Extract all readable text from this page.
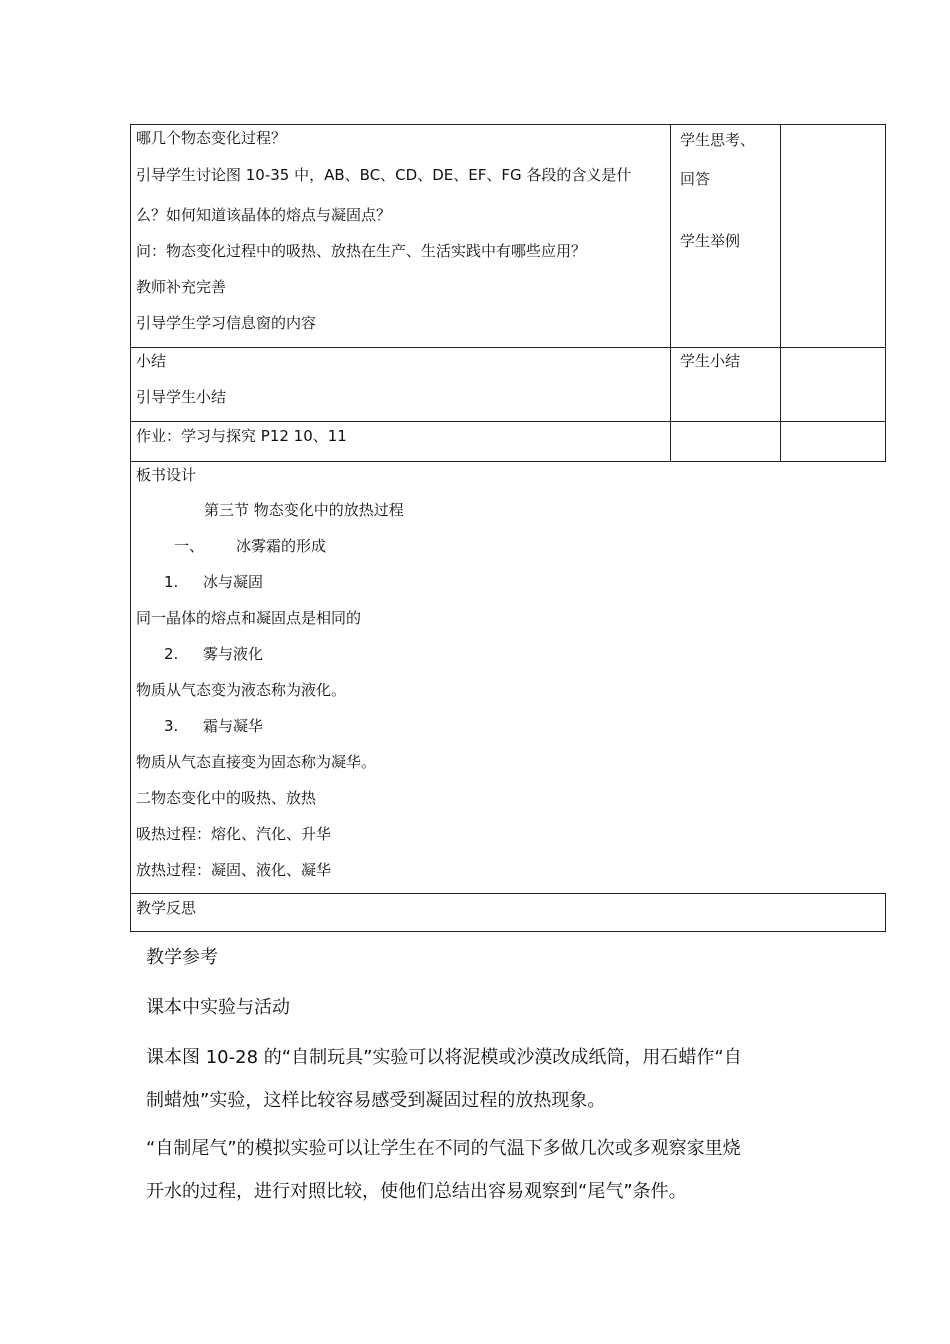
哪几个物态变化过程？
引导学生讨论图 10-35 中，AB、BC、CD、DE、EF、FG 各段的含义是什
么？如何知道该晶体的熔点与凝固点？
问：物态变化过程中的吸热、放热在生产、生活实践中有哪些应用？
教师补充完善
引导学生学习信息窗的内容
学生思考、
回答
学生举例
小结
引导学生小结
学生小结
作业：学习与探究 P12 10、11
板书设计
第三节 物态变化中的放热过程
一、 冰雾霜的形成
1. 冰与凝固
同一晶体的熔点和凝固点是相同的
2. 雾与液化
物质从气态变为液态称为液化。
3. 霜与凝华
物质从气态直接变为固态称为凝华。
二物态变化中的吸热、放热
吸热过程：熔化、汽化、升华
放热过程：凝固、液化、凝华
教学反思
教学参考
课本中实验与活动
课本图 10-28 的“自制玩具”实验可以将泥模或沙漠改成纸筒，用石蜡作“自
制蜡烛”实验，这样比较容易感受到凝固过程的放热现象。
“自制尾气”的模拟实验可以让学生在不同的气温下多做几次或多观察家里烧
开水的过程，进行对照比较，使他们总结出容易观察到“尾气”条件。
